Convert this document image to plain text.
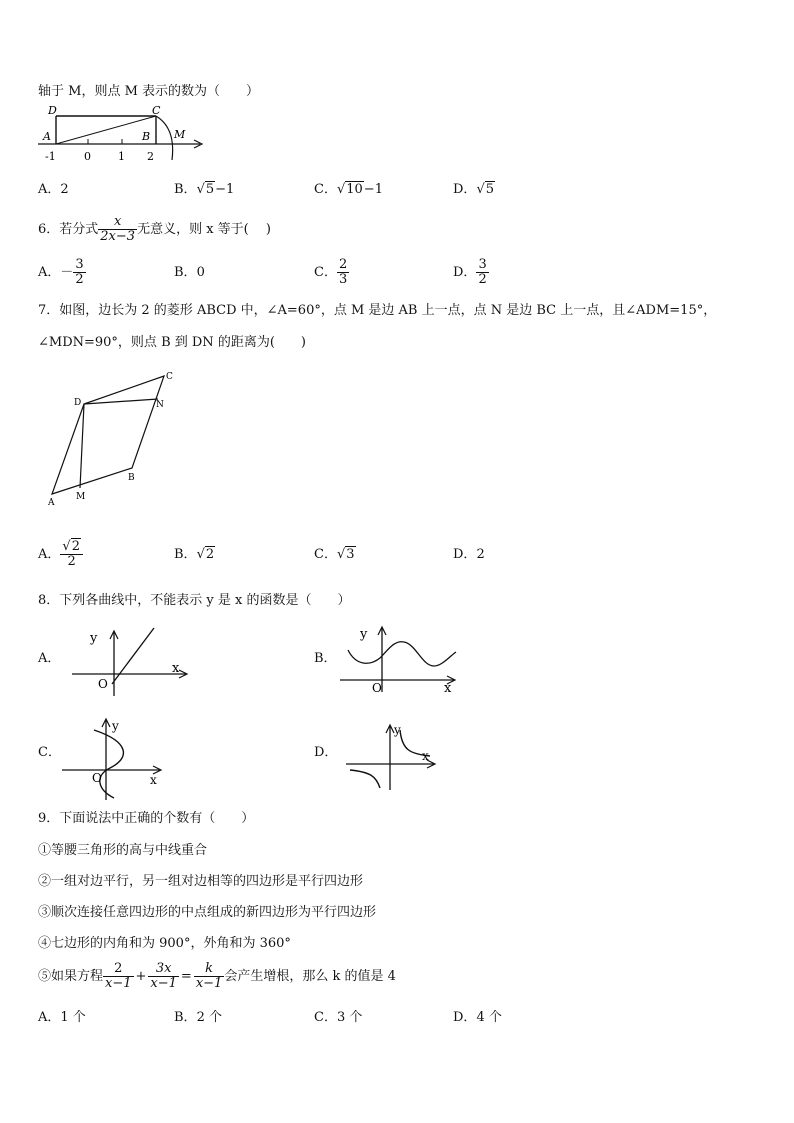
轴于 M，则点 M 表示的数为（　　）
D	C
A	B M
-1	0 1 2
A．2	B．√5−1	C．√10−1	D．√5
6．若分式 $\frac{x}{2x-3}$ 无意义，则 x 等于(　 )
A．－ $\frac{3}{2}$	B．0	C． $\frac{2}{3}$	D． $\frac{3}{2}$
7．如图，边长为 2 的菱形 ABCD 中，∠A=60°，点 M 是边 AB 上一点，点 N 是边 BC 上一点，且∠ADM=15°，
∠MDN=90°，则点 B 到 DN 的距离为(　　)
C
D	N
B
A
M
A． $\frac{√2}{2}$	B．√2	C．√3	D．2
8．下列各曲线中，不能表示 y 是 x 的函数是（　　）
A．
y
x
O
B．
y
x
O
C．
y
x
O
D．
y
x
9．下面说法中正确的个数有（　　）
①等腰三角形的高与中线重合
②一组对边平行，另一组对边相等的四边形是平行四边形
③顺次连接任意四边形的中点组成的新四边形为平行四边形
④七边形的内角和为 900°，外角和为 360°
⑤如果方程 $\frac{2}{x-1} + \frac{3x}{x-1} = \frac{k}{x-1}$ 会产生增根，那么 k 的值是 4
A．1 个	B．2 个	C．3 个	D．4 个
